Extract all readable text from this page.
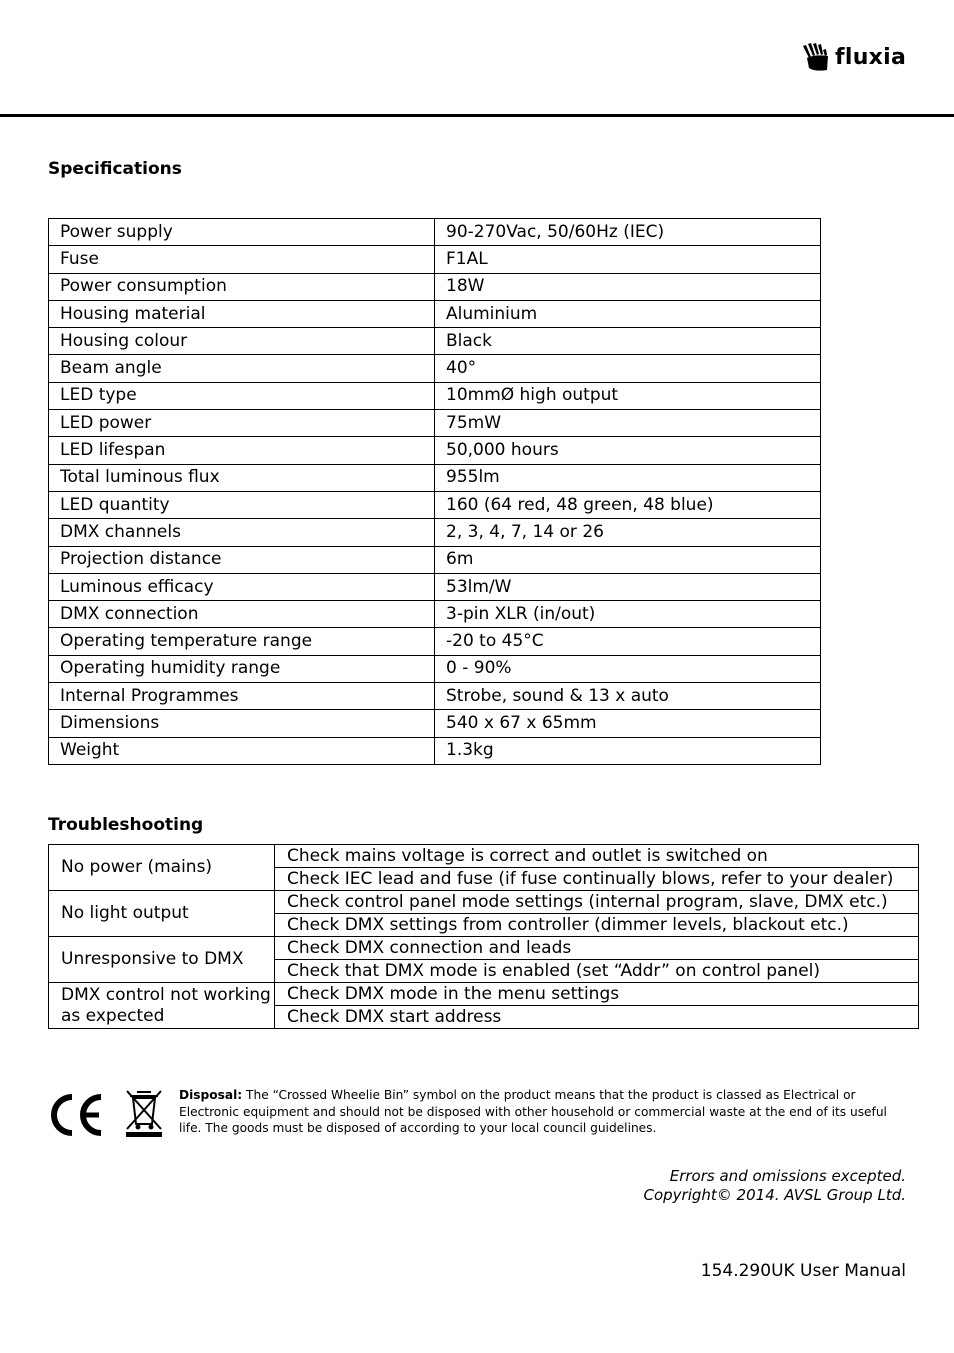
fluxia
Specifications
Power supply	90-270Vac, 50/60Hz (IEC)
Fuse	F1AL
Power consumption	18W
Housing material	Aluminium
Housing colour	Black
Beam angle	40°
LED type	10mmØ high output
LED power	75mW
LED lifespan	50,000 hours
Total luminous flux	955lm
LED quantity	160 (64 red, 48 green, 48 blue)
DMX channels	2, 3, 4, 7, 14 or 26
Projection distance	6m
Luminous efficacy	53lm/W
DMX connection	3-pin XLR (in/out)
Operating temperature range	-20 to 45°C
Operating humidity range	0 - 90%
Internal Programmes	Strobe, sound & 13 x auto
Dimensions	540 x 67 x 65mm
Weight	1.3kg
Troubleshooting
No power (mains)	Check mains voltage is correct and outlet is switched on
	Check IEC lead and fuse (if fuse continually blows, refer to your dealer)
No light output	Check control panel mode settings (internal program, slave, DMX etc.)
	Check DMX settings from controller (dimmer levels, blackout etc.)
Unresponsive to DMX	Check DMX connection and leads
	Check that DMX mode is enabled (set “Addr” on control panel)
DMX control not working as expected	Check DMX mode in the menu settings
	Check DMX start address
Disposal: The “Crossed Wheelie Bin” symbol on the product means that the product is classed as Electrical or Electronic equipment and should not be disposed with other household or commercial waste at the end of its useful life. The goods must be disposed of according to your local council guidelines.
Errors and omissions excepted.
Copyright© 2014. AVSL Group Ltd.
154.290UK User Manual
